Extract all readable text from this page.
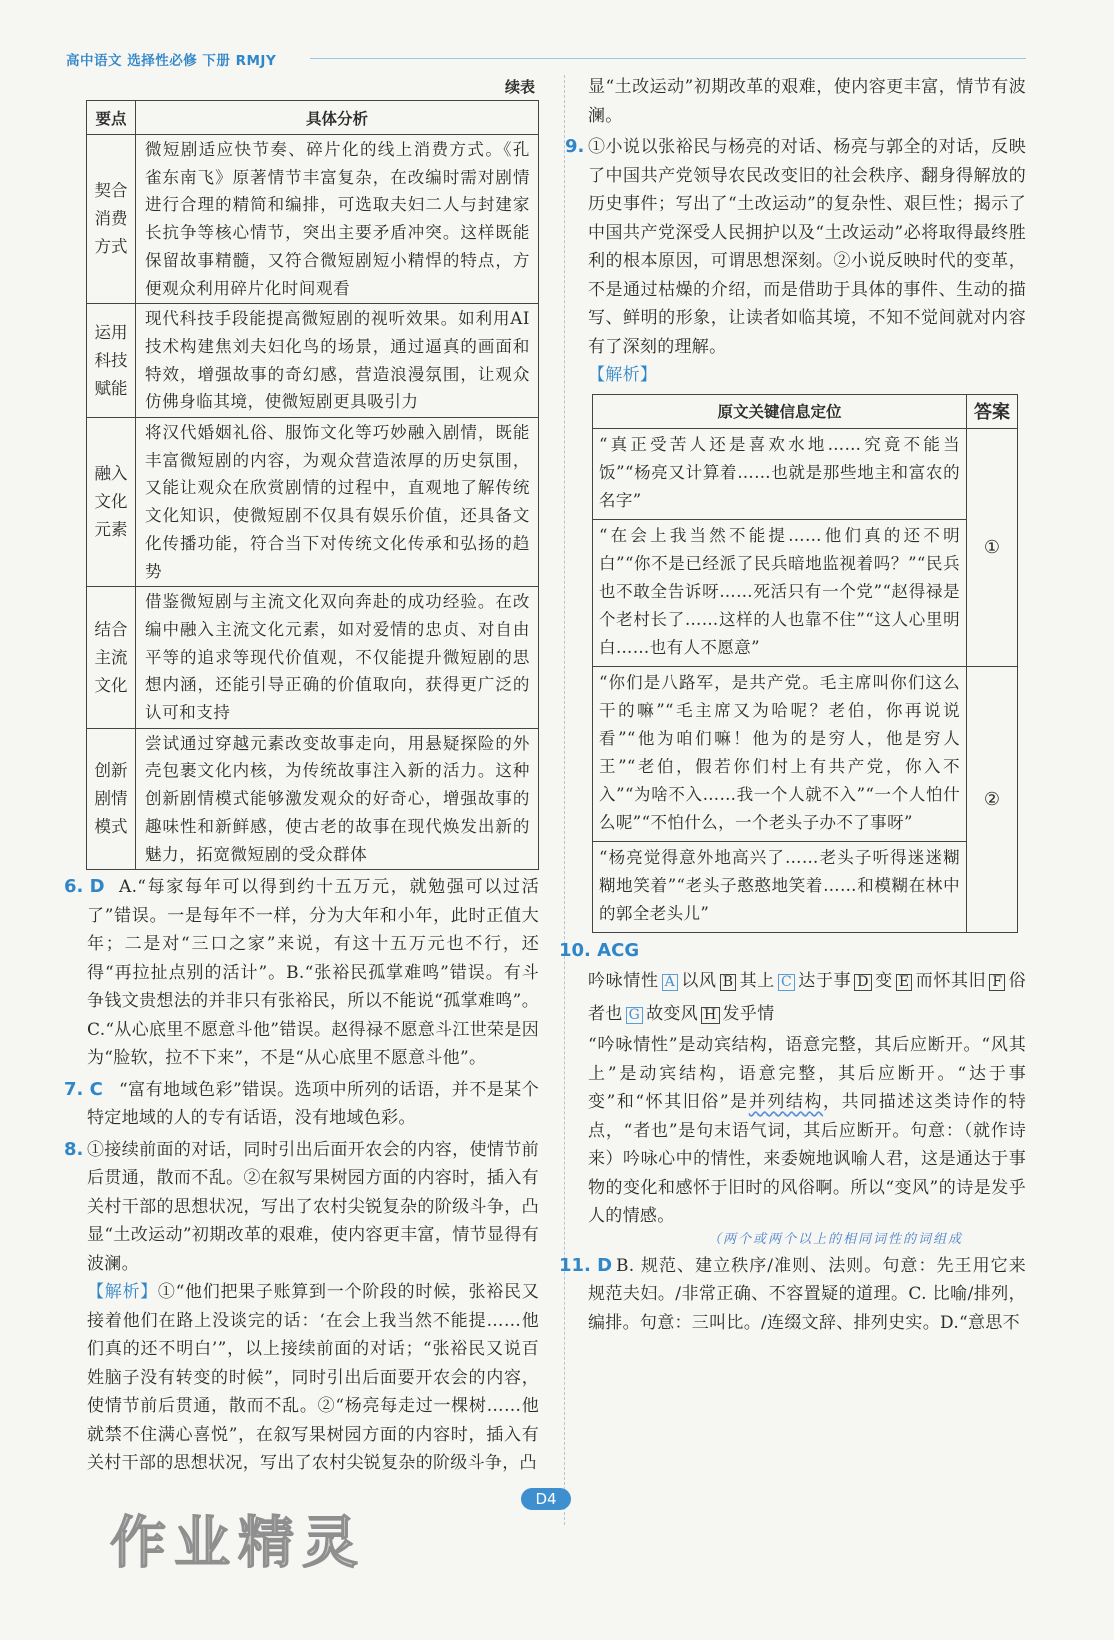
高中语文 选择性必修 下册 RMJY
续表
要点	具体分析
契合消费方式	微短剧适应快节奏、碎片化的线上消费方式。《孔雀东南飞》原著情节丰富复杂，在改编时需对剧情进行合理的精简和编排，可选取夫妇二人与封建家长抗争等核心情节，突出主要矛盾冲突。这样既能保留故事精髓，又符合微短剧短小精悍的特点，方便观众利用碎片化时间观看
运用科技赋能	现代科技手段能提高微短剧的视听效果。如利用AI 技术构建焦刘夫妇化鸟的场景，通过逼真的画面和特效，增强故事的奇幻感，营造浪漫氛围，让观众仿佛身临其境，使微短剧更具吸引力
融入文化元素	将汉代婚姻礼俗、服饰文化等巧妙融入剧情，既能丰富微短剧的内容，为观众营造浓厚的历史氛围，又能让观众在欣赏剧情的过程中，直观地了解传统文化知识，使微短剧不仅具有娱乐价值，还具备文化传播功能，符合当下对传统文化传承和弘扬的趋势
结合主流文化	借鉴微短剧与主流文化双向奔赴的成功经验。在改编中融入主流文化元素，如对爱情的忠贞、对自由平等的追求等现代价值观，不仅能提升微短剧的思想内涵，还能引导正确的价值取向，获得更广泛的认可和支持
创新剧情模式	尝试通过穿越元素改变故事走向，用悬疑探险的外壳包裹文化内核，为传统故事注入新的活力。这种创新剧情模式能够激发观众的好奇心，增强故事的趣味性和新鲜感，使古老的故事在现代焕发出新的魅力，拓宽微短剧的受众群体
6. D A.“每家每年可以得到约十五万元，就勉强可以过活了”错误。一是每年不一样，分为大年和小年，此时正值大年；二是对“三口之家”来说，有这十五万元也不行，还得“再拉扯点别的活计”。B.“张裕民孤掌难鸣”错误。有斗争钱文贵想法的并非只有张裕民，所以不能说“孤掌难鸣”。C.“从心底里不愿意斗他”错误。赵得禄不愿意斗江世荣是因为“脸软，拉不下来”，不是“从心底里不愿意斗他”。
7. C “富有地域色彩”错误。选项中所列的话语，并不是某个特定地域的人的专有话语，没有地域色彩。
8. ①接续前面的对话，同时引出后面开农会的内容，使情节前后贯通，散而不乱。②在叙写果树园方面的内容时，插入有关村干部的思想状况，写出了农村尖锐复杂的阶级斗争，凸显“土改运动”初期改革的艰难，使内容更丰富，情节显得有波澜。
【解析】①“他们把果子账算到一个阶段的时候，张裕民又接着他们在路上没谈完的话：‘在会上我当然不能提……他们真的还不明白’”，以上接续前面的对话；“张裕民又说百姓脑子没有转变的时候”，同时引出后面要开农会的内容，使情节前后贯通，散而不乱。②“杨亮每走过一棵树……他就禁不住满心喜悦”，在叙写果树园方面的内容时，插入有关村干部的思想状况，写出了农村尖锐复杂的阶级斗争，凸
显“土改运动”初期改革的艰难，使内容更丰富，情节有波澜。
9. ①小说以张裕民与杨亮的对话、杨亮与郭全的对话，反映了中国共产党领导农民改变旧的社会秩序、翻身得解放的历史事件；写出了“土改运动”的复杂性、艰巨性；揭示了中国共产党深受人民拥护以及“土改运动”必将取得最终胜利的根本原因，可谓思想深刻。②小说反映时代的变革，不是通过枯燥的介绍，而是借助于具体的事件、生动的描写、鲜明的形象，让读者如临其境，不知不觉间就对内容有了深刻的理解。
【解析】
原文关键信息定位	答案
“真正受苦人还是喜欢水地……究竟不能当饭”“杨亮又计算着……也就是那些地主和富农的名字”	①
“在会上我当然不能提……他们真的还不明白”“你不是已经派了民兵暗地监视着吗？”“民兵也不敢全告诉呀……死活只有一个党”“赵得禄是个老村长了……这样的人也靠不住”“这人心里明白……也有人不愿意”	
“你们是八路军，是共产党。毛主席叫你们这么干的嘛”“毛主席又为哈呢？老伯，你再说说看”“他为咱们嘛！他为的是穷人，他是穷人王”“老伯，假若你们村上有共产党，你入不入”“为啥不入……我一个人就不入”“一个人怕什么呢”“不怕什么，一个老头子办不了事呀”	②
“杨亮觉得意外地高兴了……老头子听得迷迷糊糊地笑着”“老头子憨憨地笑着……和模糊在林中的郭全老头儿”	
10. ACG

吟咏情性 A 以风 B 其上 C 达于事 D 变 E 而怀其旧 F 俗者也 G 故变风 H 发乎情
“吟咏情性”是动宾结构，语意完整，其后应断开。“风其上”是动宾结构，语意完整，其后应断开。“达于事变”和“怀其旧俗”是并列结构，共同描述这类诗作的特点，“者也”是句末语气词，其后应断开。句意：（就作诗来）吟咏心中的情性，来委婉地讽喻人君，这是通达于事物的变化和感怀于旧时的风俗啊。所以“变风”的诗是发乎人的情感。
（两个或两个以上的相同词性的词组成
11. D B. 规范、建立秩序/准则、法则。句意：先王用它来规范夫妇。/非常正确、不容置疑的道理。C. 比喻/排列，编排。句意：三叫比。/连缀文辞、排列史实。D.“意思不
作业精灵
D4
